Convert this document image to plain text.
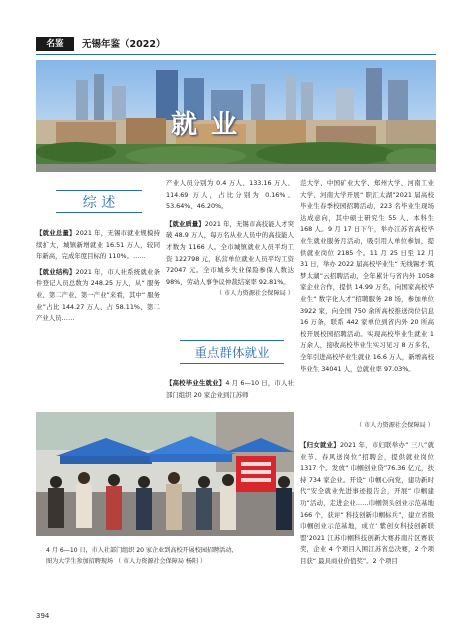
名鉴	无锡年鉴（2022）
就业
综 述

【就业总量】2021 年，无锡市就业规模持续扩大，城镇新增就业 16.51 万人，较同年新高，完成年度目标的 110%。……

【就业结构】2021 年，市人社系统就业条件登记人员总数为 248.25 万人，从“ 服务业、第二产业、第一产业”来看，其中“ 服务业”占比 144.27 万人、占 58.11%、第二产业人员……

产业人员分别为 0.4 万人、133.16 万人、114.69 万人，占比分别为 0.16%、53.64%、46.20%。

【就业质量】2021 年，无锡市高技能人才突破 48.9 万人，每万名从业人员中的高技能人才数为 1166 人。全市城镇就业人员平均工资 122798 元，私营单位就业人员平均工资 72047 元。全市城乡失业保险参保人数达 98%，劳动人事争议仲裁结案率 92.81%。

（ 市人力资源社会保障局 ）

重点群体就业

【高校毕业生就业】4 月 6—10 日，市人社部门组织 20 家企业到江苏师

范大学、中国矿业大学、郑州大学、河南工业大学、河南大学开展“ 职汇太湖”2021 届高校毕业生春季校园招聘活动，223 名毕业生现场达成意向，其中硕士研究生 55 人、本科生 168 人。9 月 17 日下午，举办江苏省高校毕业生就业服务月活动，吸引用人单位参加，提供就业岗位 2185 个。11 月 25 日至 12 月 31 日，举办 2022 届高校毕业生“ 无线锡才·筑梦太湖”云招聘活动，全年累计与省内外 1058 家企业合作，提供 14.99 万名，向国家高校毕业生“ 数字化人才”招聘服务 28 场，参加单位 3922 家，向全国 750 余所高校推送岗位信息 16 万条，联系 442 家单位到省内外 20 所高校开展校园招聘活动。实现高校毕业生就业 1 万余人，接收高校毕业生实习见习 8 万多名，全年引进高校毕业生就业 16.6 万人，新增高校毕业生 34041 人，总就业率 97.03%。

（ 市人力资源社会保障局 ）

【归女就业】2021 年，市妇联举办“ 三八”就业节、春风送岗位”招聘会，提供就业岗位 1317 个。发放“ 巾帼创业贷”76.36 亿元，扶持 734 家企业。开设“ 巾帼心向党，建功新时代”安全就业先进事迹报告会，开展“ 巾帼建功”活动，走进企业……巾帼领头创业示范基地 166 个，获评“ 科技创新巾帼标兵”，建立省级巾帼创业示范基地，成立‘ 紫创女科技创新联盟’2021 江苏巾帼科技创新大赛苏南片区赛获奖，企业 4 个项目入围江苏省总决赛，2 个项目获“ 最具商业价值奖”。2 个项目

4 月 6—10 日，市人社部门组织 20 家企业到高校开展校园招聘活动，
图为大学生参加招聘现场 （ 市人力资源社会保障局 杨阳 ）
394
